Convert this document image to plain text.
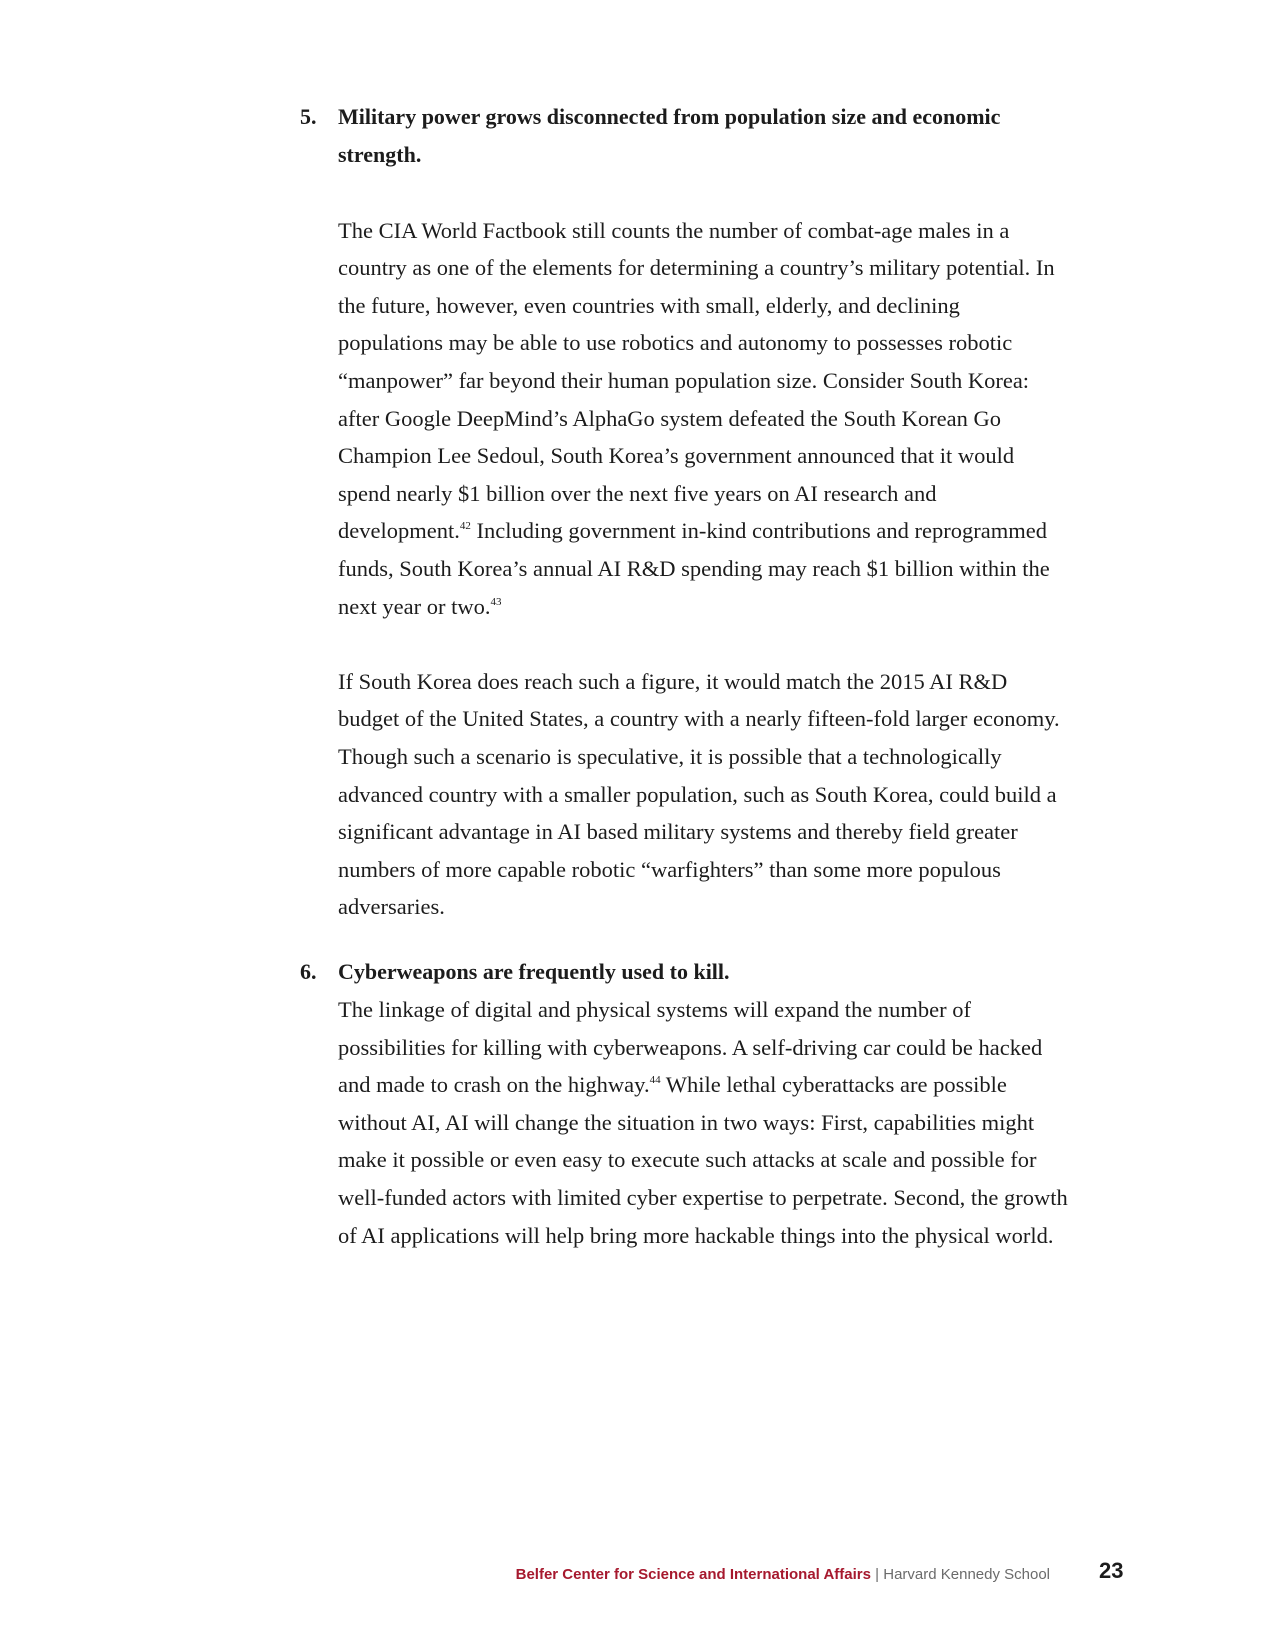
5. Military power grows disconnected from population size and economic strength.

The CIA World Factbook still counts the number of combat-age males in a country as one of the elements for determining a country’s military potential. In the future, however, even countries with small, elderly, and declining populations may be able to use robotics and autonomy to possesses robotic “manpower” far beyond their human population size. Consider South Korea: after Google DeepMind’s AlphaGo system defeated the South Korean Go Champion Lee Sedoul, South Korea’s government announced that it would spend nearly $1 billion over the next five years on AI research and development.$^{42}$ Including government in-kind contributions and reprogrammed funds, South Korea’s annual AI R&D spending may reach $1 billion within the next year or two.$^{43}$

If South Korea does reach such a figure, it would match the 2015 AI R&D budget of the United States, a country with a nearly fifteen-fold larger economy. Though such a scenario is speculative, it is possible that a technologically advanced country with a smaller population, such as South Korea, could build a significant advantage in AI based military systems and thereby field greater numbers of more capable robotic “warfighters” than some more populous adversaries.

6. Cyberweapons are frequently used to kill.

The linkage of digital and physical systems will expand the number of possibilities for killing with cyberweapons. A self-driving car could be hacked and made to crash on the highway.$^{44}$ While lethal cyberattacks are possible without AI, AI will change the situation in two ways: First, capabilities might make it possible or even easy to execute such attacks at scale and possible for well-funded actors with limited cyber expertise to perpetrate. Second, the growth of AI applications will help bring more hackable things into the physical world.

Belfer Center for Science and International Affairs | Harvard Kennedy School 23
